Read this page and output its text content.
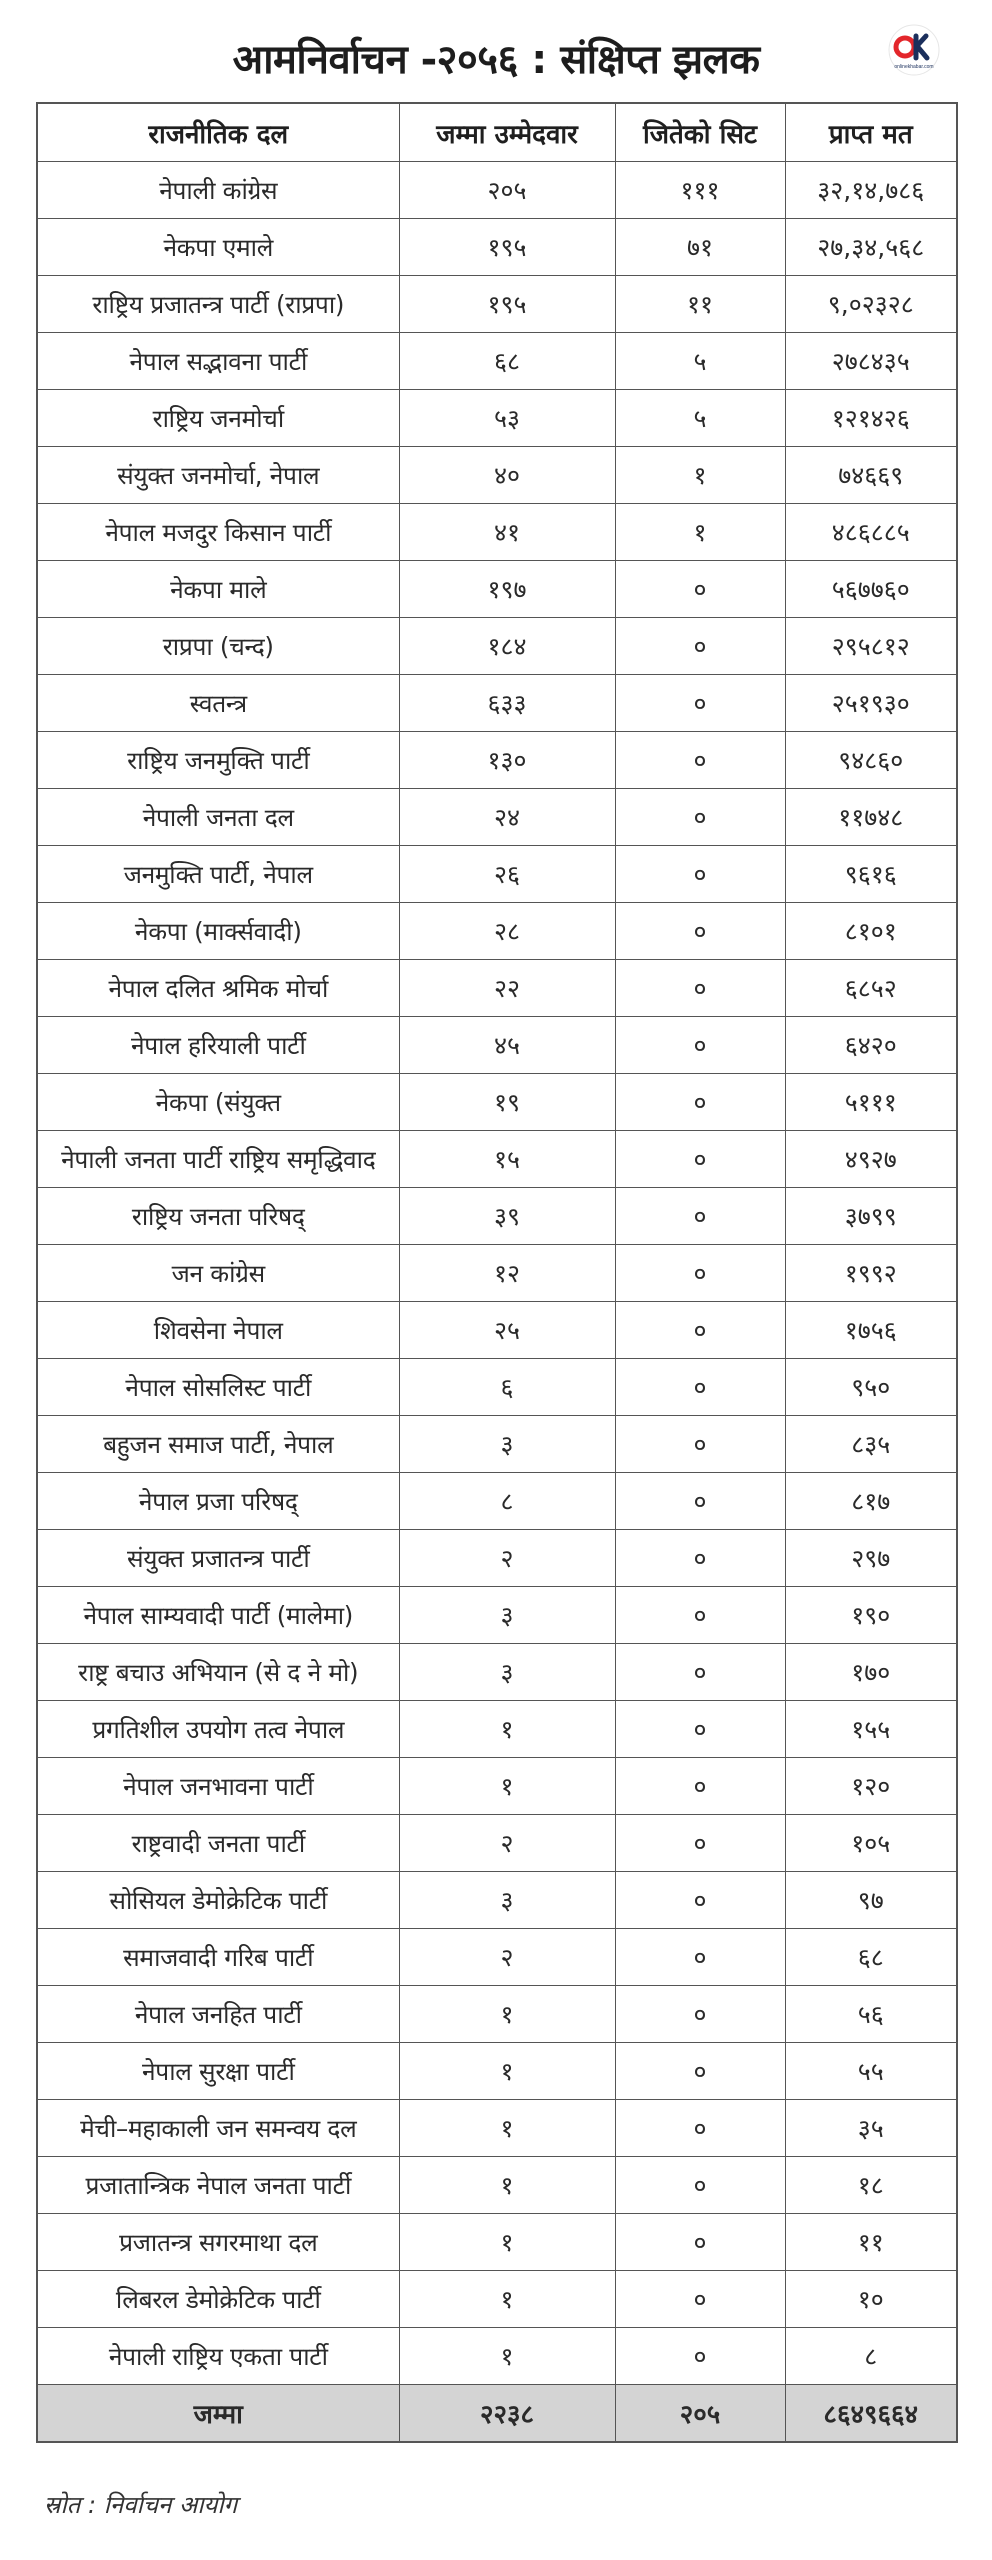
आमनिर्वाचन -२०५६ : संक्षिप्त झलक	onlinekhabar.com
राजनीतिक दल	जम्मा उम्मेदवार	जितेको सिट	प्राप्त मत
नेपाली कांग्रेस	२०५	१११	३२,१४,७८६
नेकपा एमाले	१९५	७१	२७,३४,५६८
राष्ट्रिय प्रजातन्त्र पार्टी (राप्रपा)	१९५	११	९,०२३२८
नेपाल सद्भावना पार्टी	६८	५	२७८४३५
राष्ट्रिय जनमोर्चा	५३	५	१२१४२६
संयुक्त जनमोर्चा, नेपाल	४०	१	७४६६९
नेपाल मजदुर किसान पार्टी	४१	१	४८६८८५
नेकपा माले	१९७	०	५६७७६०
राप्रपा (चन्द)	१८४	०	२९५८१२
स्वतन्त्र	६३३	०	२५१९३०
राष्ट्रिय जनमुक्ति पार्टी	१३०	०	९४८६०
नेपाली जनता दल	२४	०	११७४८
जनमुक्ति पार्टी, नेपाल	२६	०	९६१६
नेकपा (मार्क्सवादी)	२८	०	८१०१
नेपाल दलित श्रमिक मोर्चा	२२	०	६८५२
नेपाल हरियाली पार्टी	४५	०	६४२०
नेकपा (संयुक्त	१९	०	५१११
नेपाली जनता पार्टी राष्ट्रिय समृद्धिवाद	१५	०	४९२७
राष्ट्रिय जनता परिषद्	३९	०	३७९९
जन कांग्रेस	१२	०	१९९२
शिवसेना नेपाल	२५	०	१७५६
नेपाल सोसलिस्ट पार्टी	६	०	९५०
बहुजन समाज पार्टी, नेपाल	३	०	८३५
नेपाल प्रजा परिषद्	८	०	८१७
संयुक्त प्रजातन्त्र पार्टी	२	०	२९७
नेपाल साम्यवादी पार्टी (मालेमा)	३	०	१९०
राष्ट्र बचाउ अभियान (से द ने मो)	३	०	१७०
प्रगतिशील उपयोग तत्व नेपाल	१	०	१५५
नेपाल जनभावना पार्टी	१	०	१२०
राष्ट्रवादी जनता पार्टी	२	०	१०५
सोसियल डेमोक्रेटिक पार्टी	३	०	९७
समाजवादी गरिब पार्टी	२	०	६८
नेपाल जनहित पार्टी	१	०	५६
नेपाल सुरक्षा पार्टी	१	०	५५
मेची–महाकाली जन समन्वय दल	१	०	३५
प्रजातान्त्रिक नेपाल जनता पार्टी	१	०	१८
प्रजातन्त्र सगरमाथा दल	१	०	११
लिबरल डेमोक्रेटिक पार्टी	१	०	१०
नेपाली राष्ट्रिय एकता पार्टी	१	०	८
जम्मा	२२३८	२०५	८६४९६६४

स्रोत : निर्वाचन आयोग
